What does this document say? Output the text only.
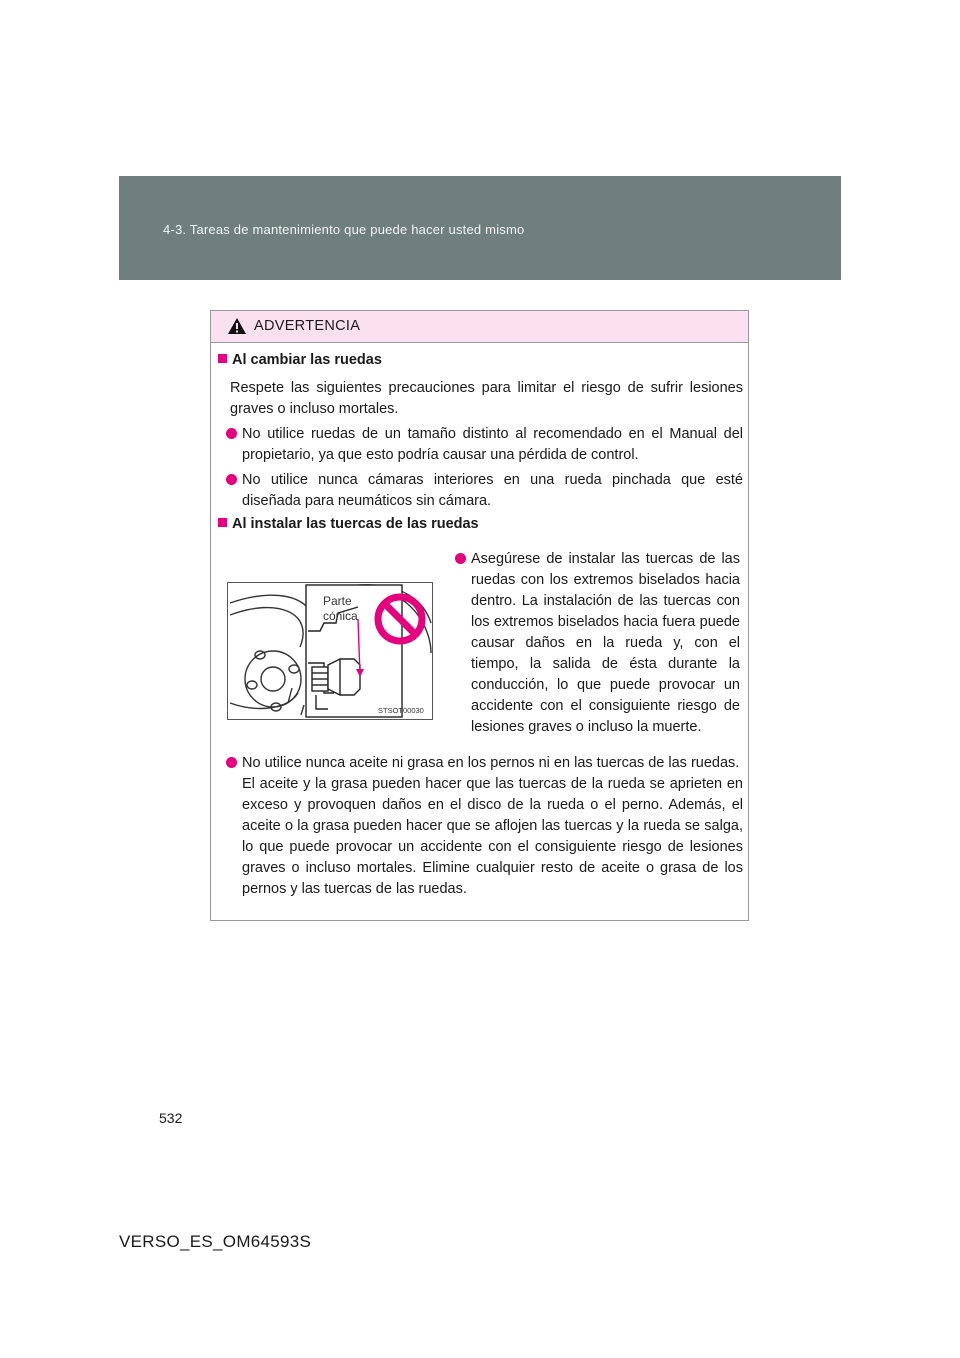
4-3. Tareas de mantenimiento que puede hacer usted mismo
ADVERTENCIA
Al cambiar las ruedas
Respete las siguientes precauciones para limitar el riesgo de sufrir lesiones graves o incluso mortales.
No utilice ruedas de un tamaño distinto al recomendado en el Manual del propietario, ya que esto podría causar una pérdida de control.
No utilice nunca cámaras interiores en una rueda pinchada que esté diseñada para neumáticos sin cámara.
Al instalar las tuercas de las ruedas
Parte
cónica
STSOT00030
Asegúrese de instalar las tuercas de las ruedas con los extremos biselados hacia dentro. La instalación de las tuercas con los extremos biselados hacia fuera puede causar daños en la rueda y, con el tiempo, la salida de ésta durante la conducción, lo que puede provocar un accidente con el consiguiente riesgo de lesiones graves o incluso la muerte.
No utilice nunca aceite ni grasa en los pernos ni en las tuercas de las ruedas.
El aceite y la grasa pueden hacer que las tuercas de la rueda se aprieten en exceso y provoquen daños en el disco de la rueda o el perno. Además, el aceite o la grasa pueden hacer que se aflojen las tuercas y la rueda se salga, lo que puede provocar un accidente con el consiguiente riesgo de lesiones graves o incluso mortales. Elimine cualquier resto de aceite o grasa de los pernos y las tuercas de las ruedas.
532
VERSO_ES_OM64593S
